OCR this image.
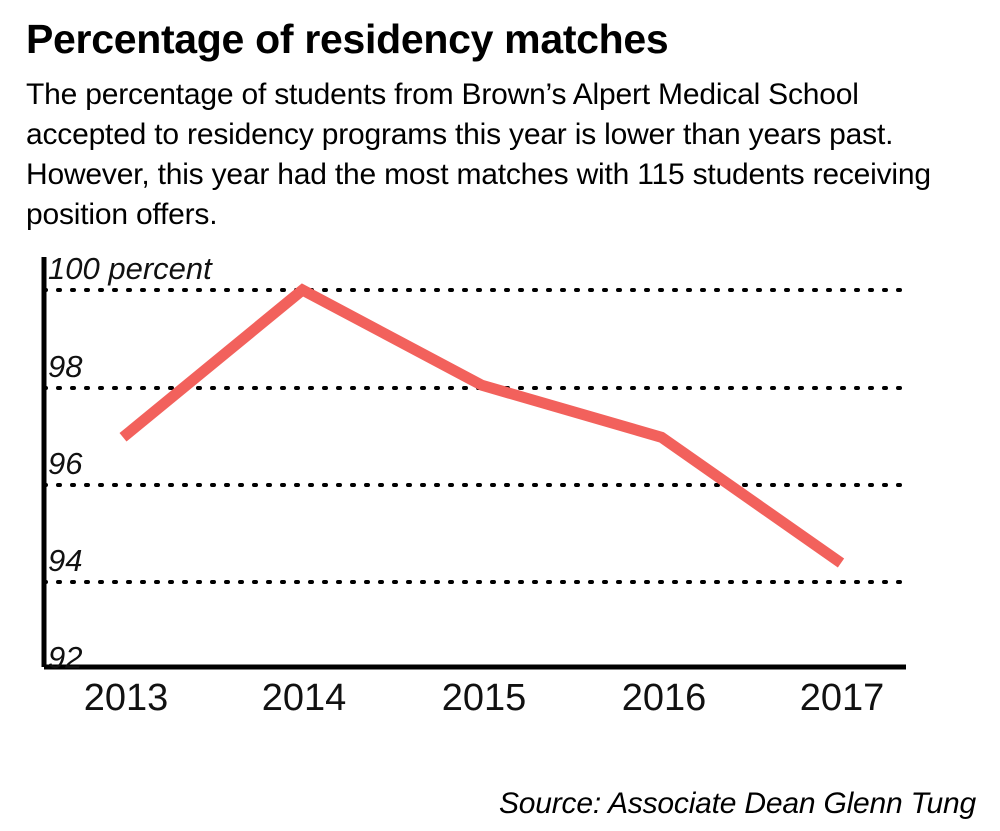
Percentage of residency matches

The percentage of students from Brown’s Alpert Medical School accepted to residency programs this year is lower than years past. However, this year had the most matches with 115 students receiving position offers.

100 percent
98
96
94
92
2013 2014	2015	2016 2017
Source: Associate Dean Glenn Tung
